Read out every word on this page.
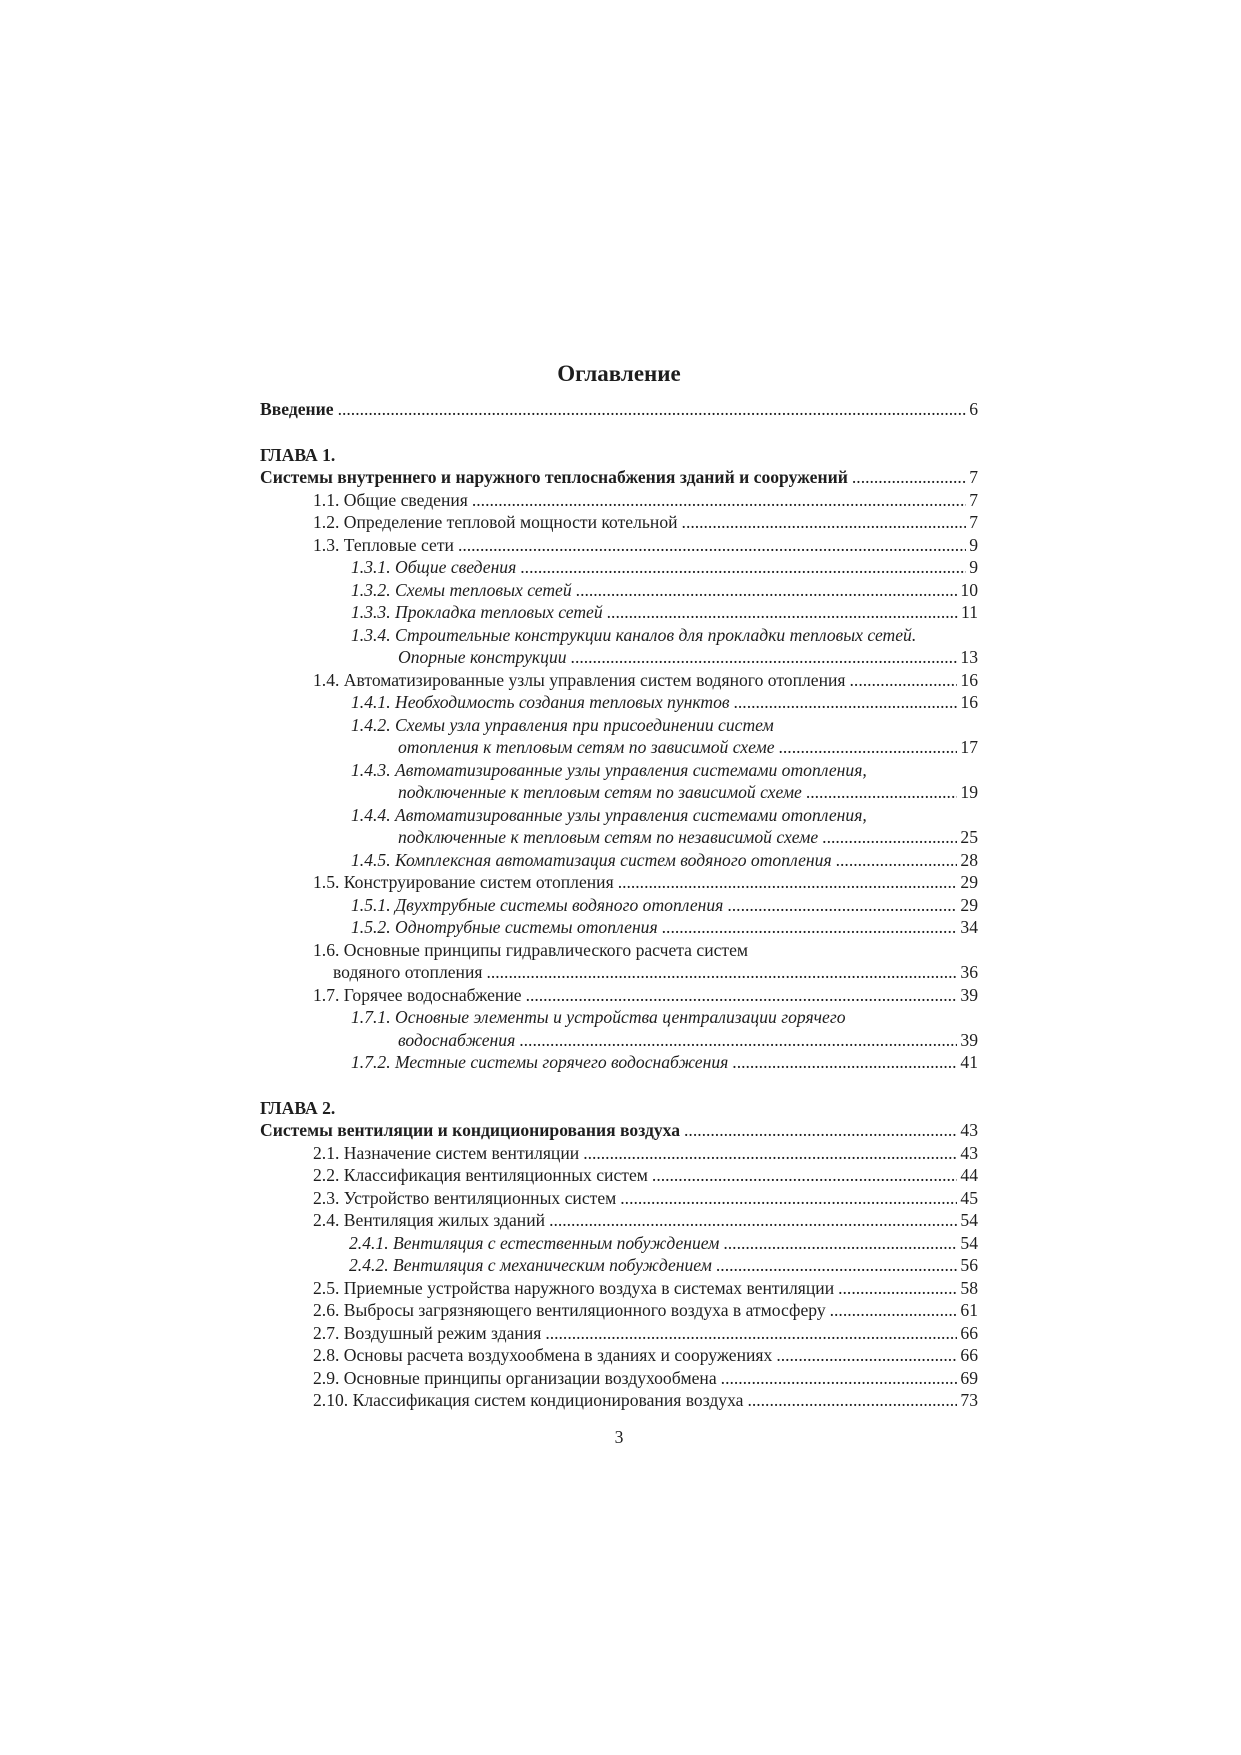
Оглавление
Введение . . .	6
ГЛАВА 1.
Системы внутреннего и наружного теплоснабжения зданий и сооружений . . .	7
1.1. Общие сведения . . .	7
1.2. Определение тепловой мощности котельной . . .	7
1.3. Тепловые сети . . .	9
1.3.1. Общие сведения . . .	9
1.3.2. Схемы тепловых сетей . . .	10
1.3.3. Прокладка тепловых сетей . . .	11
1.3.4. Строительные конструкции каналов для прокладки тепловых сетей.
Опорные конструкции . . .	13
1.4. Автоматизированные узлы управления систем водяного отопления . . .	16
1.4.1. Необходимость создания тепловых пунктов . . .	16
1.4.2. Схемы узла управления при присоединении систем
отопления к тепловым сетям по зависимой схеме . . .	17
1.4.3. Автоматизированные узлы управления системами отопления,
подключенные к тепловым сетям по зависимой схеме . . .	19
1.4.4. Автоматизированные узлы управления системами отопления,
подключенные к тепловым сетям по независимой схеме . . .	25
1.4.5. Комплексная автоматизация систем водяного отопления . . .	28
1.5. Конструирование систем отопления . . .	29
1.5.1. Двухтрубные системы водяного отопления . . .	29
1.5.2. Однотрубные системы отопления . . .	34
1.6. Основные принципы гидравлического расчета систем
водяного отопления . . .	36
1.7. Горячее водоснабжение . . .	39
1.7.1. Основные элементы и устройства централизации горячего
водоснабжения . . .	39
1.7.2. Местные системы горячего водоснабжения . . .	41
ГЛАВА 2.
Системы вентиляции и кондиционирования воздуха . . .	43
2.1. Назначение систем вентиляции . . .	43
2.2. Классификация вентиляционных систем . . .	44
2.3. Устройство вентиляционных систем . . .	45
2.4. Вентиляция жилых зданий . . .	54
2.4.1. Вентиляция с естественным побуждением . . .	54
2.4.2. Вентиляция с механическим побуждением . . .	56
2.5. Приемные устройства наружного воздуха в системах вентиляции . . .	58
2.6. Выбросы загрязняющего вентиляционного воздуха в атмосферу . . .	61
2.7. Воздушный режим здания . . .	66
2.8. Основы расчета воздухообмена в зданиях и сооружениях . . .	66
2.9. Основные принципы организации воздухообмена . . .	69
2.10. Классификация систем кондиционирования воздуха . . .	73
3
